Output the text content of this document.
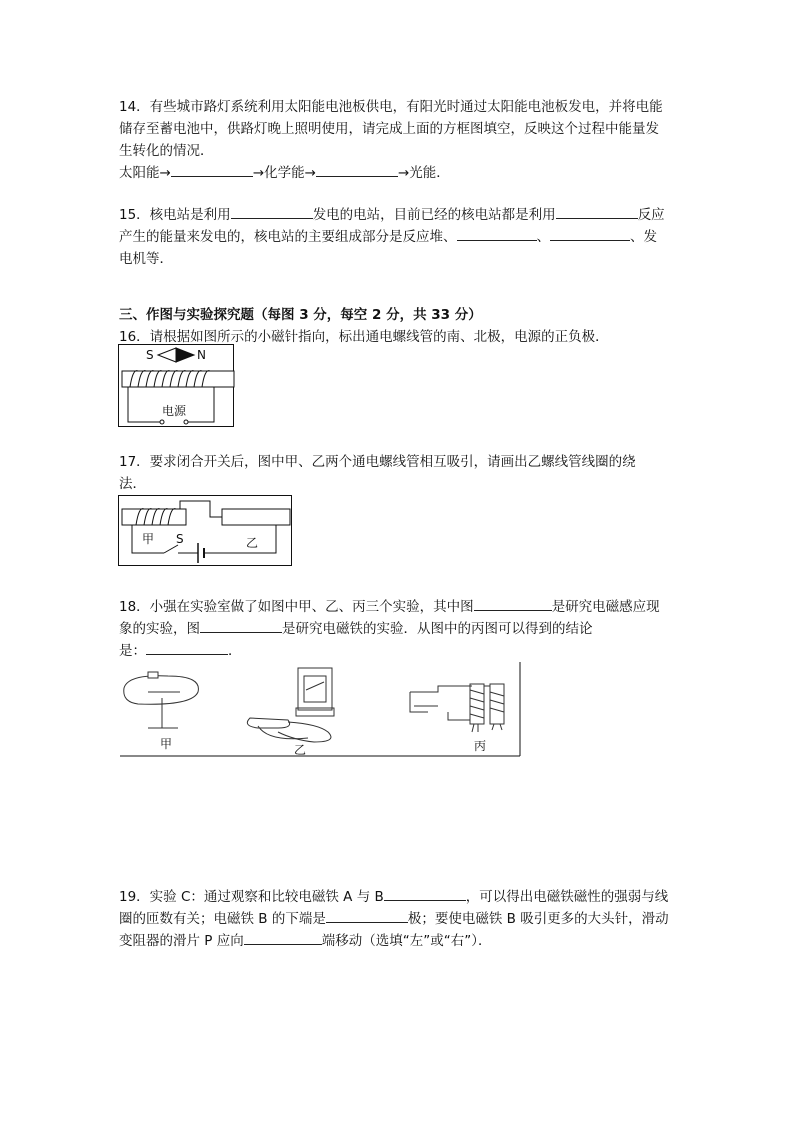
14．有些城市路灯系统利用太阳能电池板供电，有阳光时通过太阳能电池板发电，并将电能
储存至蓄电池中，供路灯晚上照明使用，请完成上面的方框图填空，反映这个过程中能量发
生转化的情况．
太阳能→	→化学能→	→光能．
15．核电站是利用	发电的电站，目前已经的核电站都是利用	反应
产生的能量来发电的，核电站的主要组成部分是反应堆、	、	、发
电机等．
三、作图与实验探究题（每图 3 分，每空 2 分，共 33 分）
16．请根据如图所示的小磁针指向，标出通电螺线管的南、北极，电源的正负极．
S	N
电源
17．要求闭合开关后，图中甲、乙两个通电螺线管相互吸引，请画出乙螺线管线圈的绕
法．
甲 S	乙
18．小强在实验室做了如图中甲、乙、丙三个实验，其中图	是研究电磁感应现
象的实验，图	是研究电磁铁的实验．从图中的丙图可以得到的结论
是：	．
甲	乙	丙
19．实验 C：通过观察和比较电磁铁 A 与 B	，可以得出电磁铁磁性的强弱与线
圈的匝数有关；电磁铁 B 的下端是	极；要使电磁铁 B 吸引更多的大头针，滑动
变阻器的滑片 P 应向	端移动（选填“左”或“右”）．
